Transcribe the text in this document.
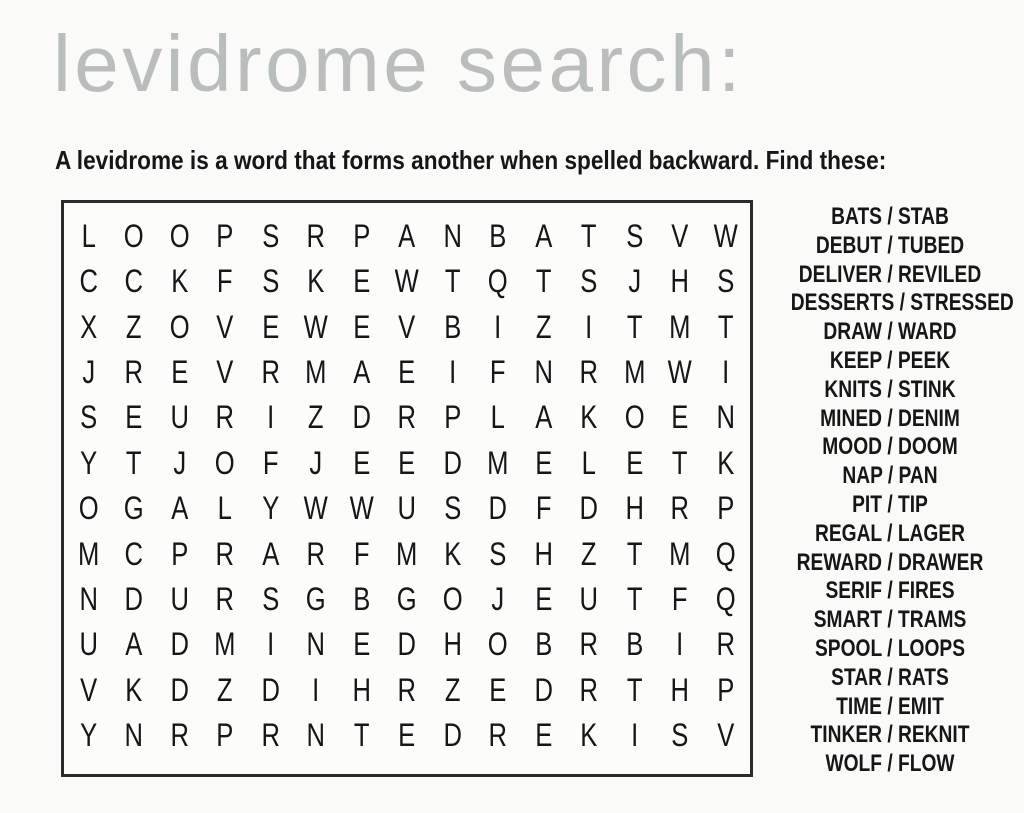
levidrome search:

A levidrome is a word that forms another when spelled backward. Find these:

L O O P S R P A N B A T S V W
C C K F S K E W T Q T S J H S
X Z O V E W E V B	I	Z	I	T M T
J R E V R M A E	I	F N R M W I
S E U R	I	Z D R P L A K O E N
Y T J O F J E E D M E L E T K
O G A L Y W W U S D F D H R P
M C P R A R F M K S H Z T M Q
N D U R S G B G O J E U T F Q
U A D M I	N E D H O B R B	I	R
V K D Z D	I	H R Z E D R T H P
Y N R P R N T E D R E K	I	S V
BATS / STAB
DEBUT / TUBED
DELIVER / REVILED
DESSERTS / STRESSED
DRAW / WARD
KEEP / PEEK
KNITS / STINK
MINED / DENIM
MOOD / DOOM
NAP / PAN
PIT / TIP
REGAL / LAGER
REWARD / DRAWER
SERIF / FIRES
SMART / TRAMS
SPOOL / LOOPS
STAR / RATS
TIME / EMIT
TINKER / REKNIT
WOLF / FLOW
